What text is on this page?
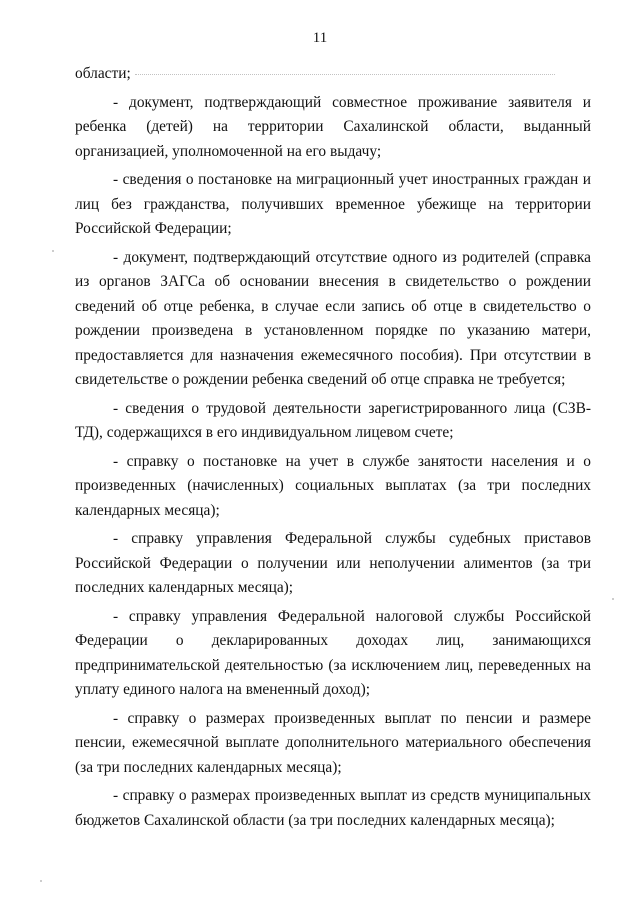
11

области;

- документ, подтверждающий совместное проживание заявителя и ребенка (детей) на территории Сахалинской области, выданный организацией, уполномоченной на его выдачу;

- сведения о постановке на миграционный учет иностранных граждан и лиц без гражданства, получивших временное убежище на территории Российской Федерации;

- документ, подтверждающий отсутствие одного из родителей (справка из органов ЗАГСа об основании внесения в свидетельство о рождении сведений об отце ребенка, в случае если запись об отце в свидетельство о рождении произведена в установленном порядке по указанию матери, предоставляется для назначения ежемесячного пособия). При отсутствии в свидетельстве о рождении ребенка сведений об отце справка не требуется;

- сведения о трудовой деятельности зарегистрированного лица (СЗВ-ТД), содержащихся в его индивидуальном лицевом счете;

- справку о постановке на учет в службе занятости населения и о произведенных (начисленных) социальных выплатах (за три последних календарных месяца);

- справку управления Федеральной службы судебных приставов Российской Федерации о получении или неполучении алиментов (за три последних календарных месяца);

- справку управления Федеральной налоговой службы Российской Федерации о декларированных доходах лиц, занимающихся предпринимательской деятельностью (за исключением лиц, переведенных на уплату единого налога на вмененный доход);

- справку о размерах произведенных выплат по пенсии и размере пенсии, ежемесячной выплате дополнительного материального обеспечения (за три последних календарных месяца);

- справку о размерах произведенных выплат из средств муниципальных бюджетов Сахалинской области (за три последних календарных месяца);
